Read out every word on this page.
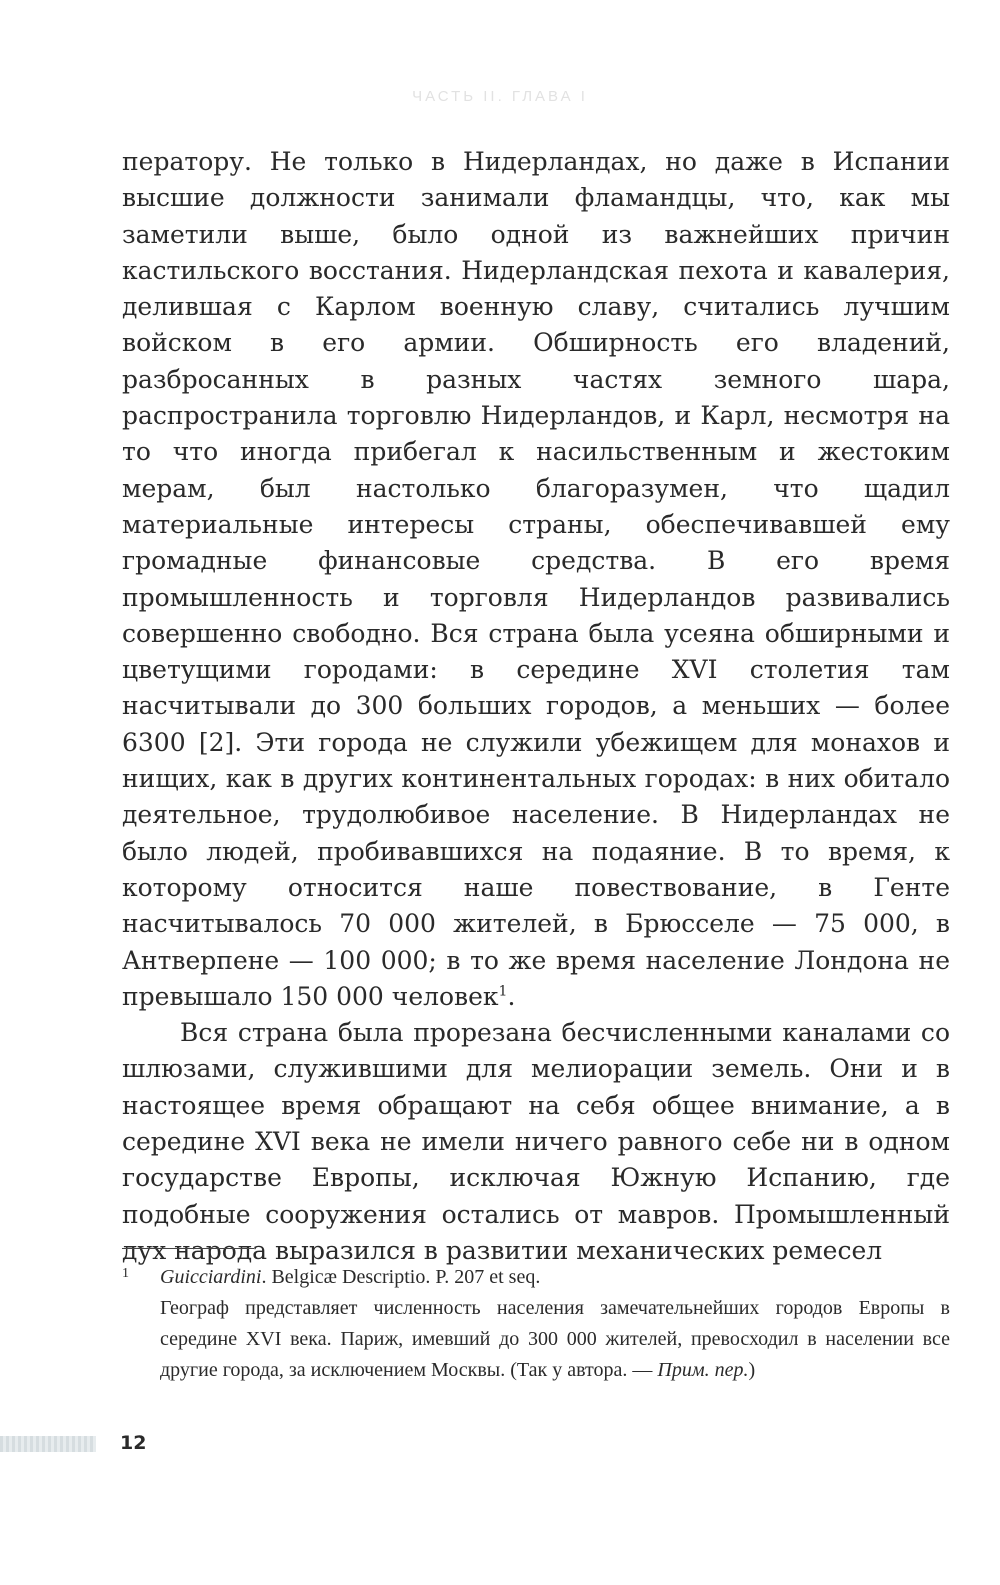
ЧАСТЬ II. ГЛАВА I

ператору. Не только в Нидерландах, но даже в Испании высшие должности занимали фламандцы, что, как мы заметили выше, было одной из важнейших причин кастильского восстания. Нидерландская пехота и кавалерия, делившая с Карлом военную славу, считались лучшим войском в его армии. Обширность его владений, разбросанных в разных частях земного шара, распространила торговлю Нидерландов, и Карл, несмотря на то что иногда прибегал к насильственным и жестоким мерам, был настолько благоразумен, что щадил материальные интересы страны, обеспечивавшей ему громадные финансовые средства. В его время промышленность и торговля Нидерландов развивались совершенно свободно. Вся страна была усеяна обширными и цветущими городами: в середине XVI столетия там насчитывали до 300 больших городов, а меньших — более 6300 [2]. Эти города не служили убежищем для монахов и нищих, как в других континентальных городах: в них обитало деятельное, трудолюбивое население. В Нидерландах не было людей, пробивавшихся на подаяние. В то время, к которому относится наше повествование, в Генте насчитывалось 70 000 жителей, в Брюсселе — 75 000, в Антверпене — 100 000; в то же время население Лондона не превышало 150 000 человек$^1$.

Вся страна была прорезана бесчисленными каналами со шлюзами, служившими для мелиорации земель. Они и в настоящее время обращают на себя общее внимание, а в середине XVI века не имели ничего равного себе ни в одном государстве Европы, исключая Южную Испанию, где подобные сооружения остались от мавров. Промышленный дух народа выразился в развитии механических ремесел

1 Guicciardini. Belgicæ Descriptio. P. 207 et seq.
Географ представляет численность населения замечательнейших городов Европы в середине XVI века. Париж, имевший до 300 000 жителей, превосходил в населении все другие города, за исключением Москвы. (Так у автора. — Прим. пер.)
12
